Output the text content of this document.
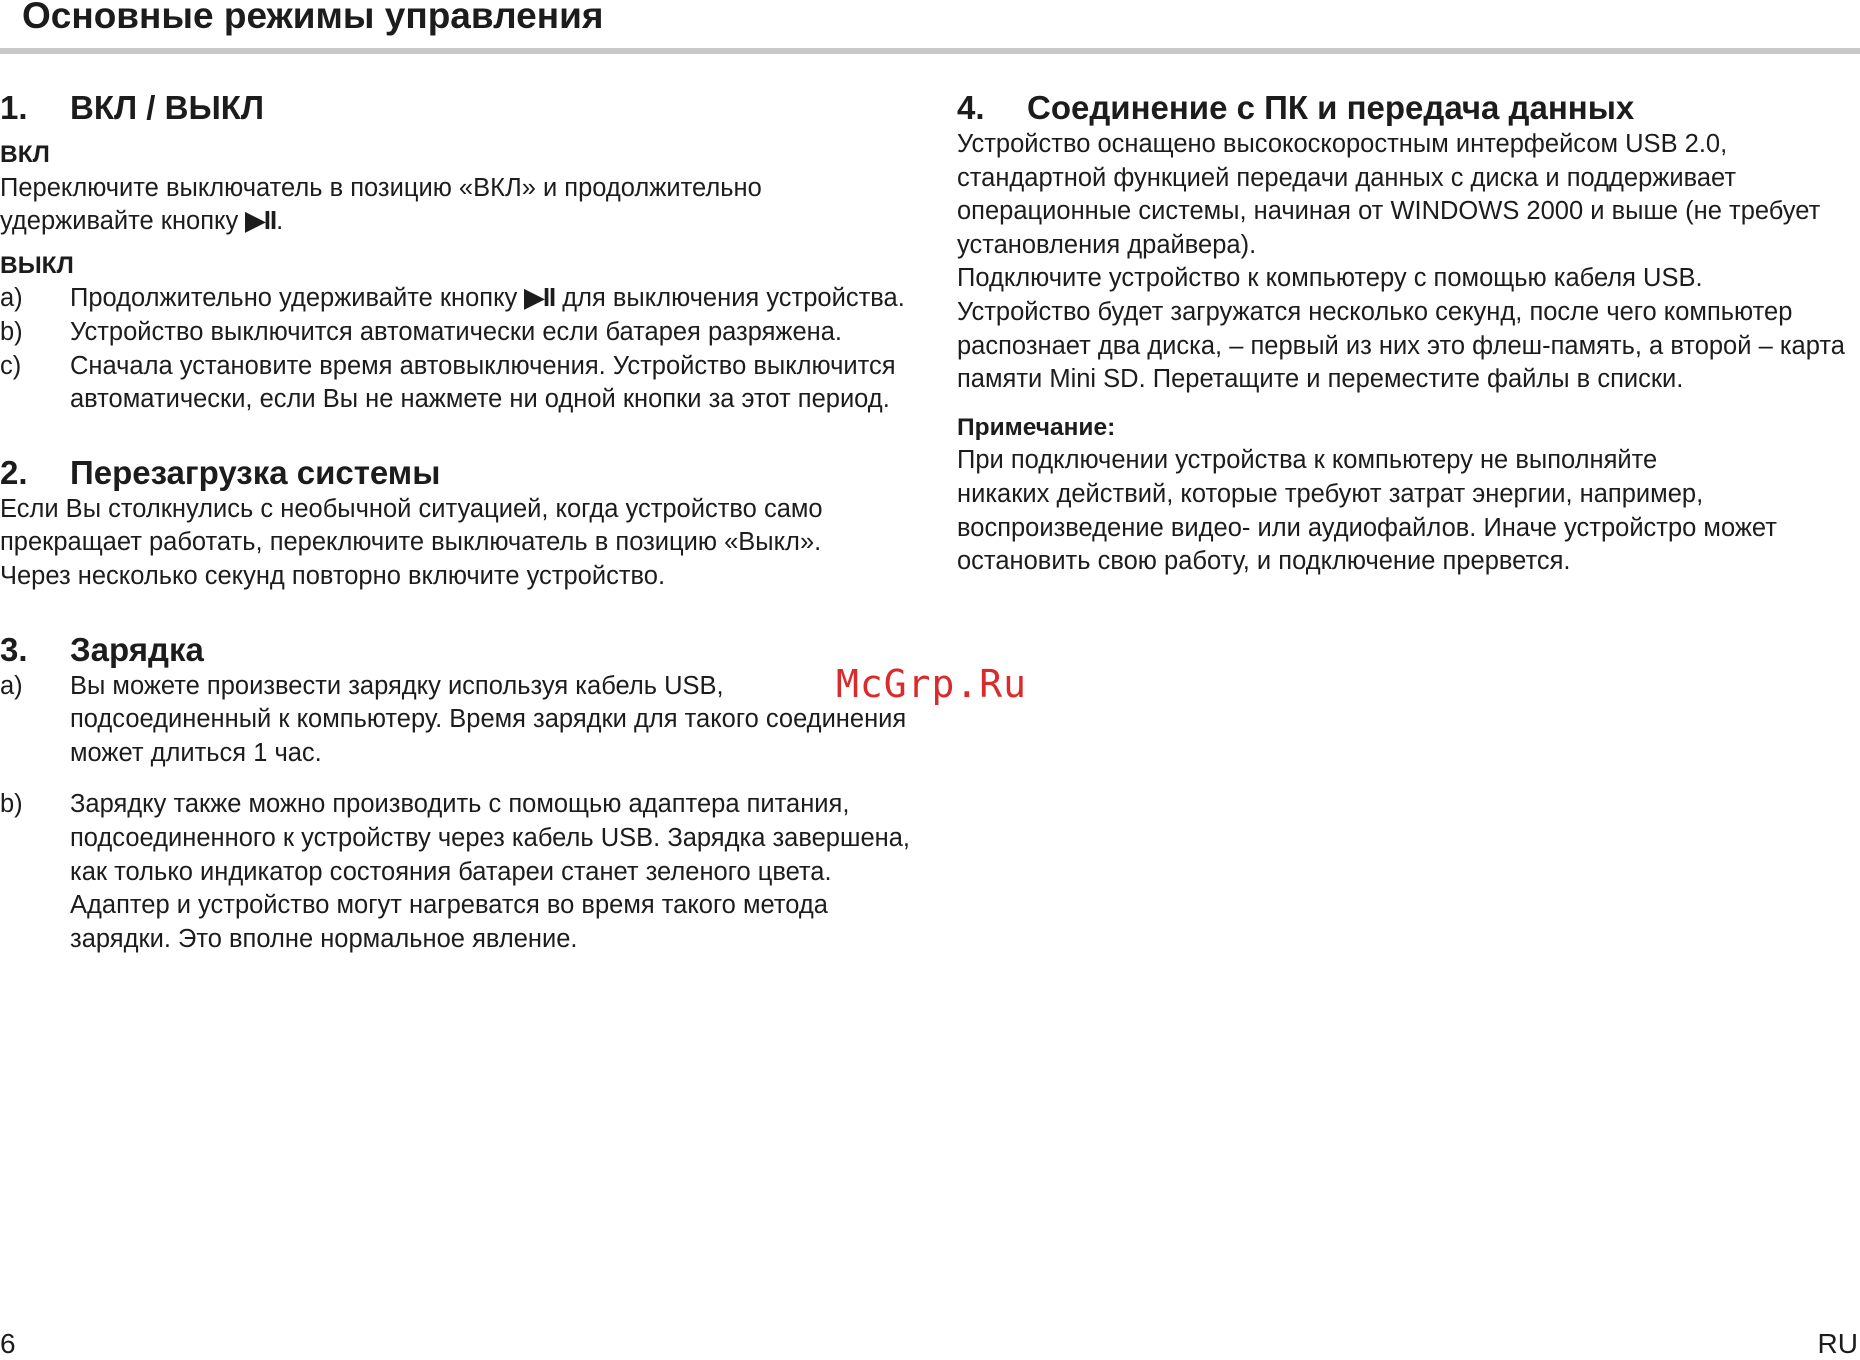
Основные режимы управления
1.	ВКЛ / ВЫКЛ
ВКЛ

Переключите выключатель в позицию «ВКЛ» и продолжительно удерживайте кнопку ▶II.

ВЫКЛ
a)	Продолжительно удерживайте кнопку ▶II для выключения устройства.
b)	Устройство выключится автоматически если батарея разряжена.
c)	Сначала установите время автовыключения. Устройство выключится автоматически, если Вы не нажмете ни одной кнопки за этот период.
2.	Перезагрузка системы

Если Вы столкнулись с необычной ситуацией, когда устройство само

прекращает работать, переключите выключатель в позицию «Выкл».

Через несколько секунд повторно включите устройство.

3.	Зарядка
a)	Вы можете произвести зарядку используя кабель USB, подсоединенный к компьютеру. Время зарядки для такого соединения может длиться 1 час.
b)	Зарядку также можно производить с помощью адаптера питания, подсоединенного к устройству через кабель USB. Зарядка завершена, как только индикатор состояния батареи станет зеленого цвета. Адаптер и устройство могут нагреватся во время такого метода зарядки. Это вполне нормальное явление.
4.	Соединение с ПК и передача данных

Устройство оснащено высокоскоростным интерфейсом USB 2.0, стандартной функцией передачи данных с диска и поддерживает операционные системы, начиная от WINDOWS 2000 и выше (не требует установления драйвера).

Подключите устройство к компьютеру с помощью кабеля USB.

Устройство будет загружатся несколько секунд, после чего компьютер распознает два диска, – первый из них это флеш-память, а второй – карта памяти Mini SD. Перетащите и переместите файлы в списки.

Примечание:

При подключении устройства к компьютеру не выполняйте

никаких действий, которые требуют затрат энергии, например,

воспроизведение видео- или аудиофайлов. Иначе устройстро может

остановить свою работу, и подключение прервется.

McGrp.Ru
6	RU
